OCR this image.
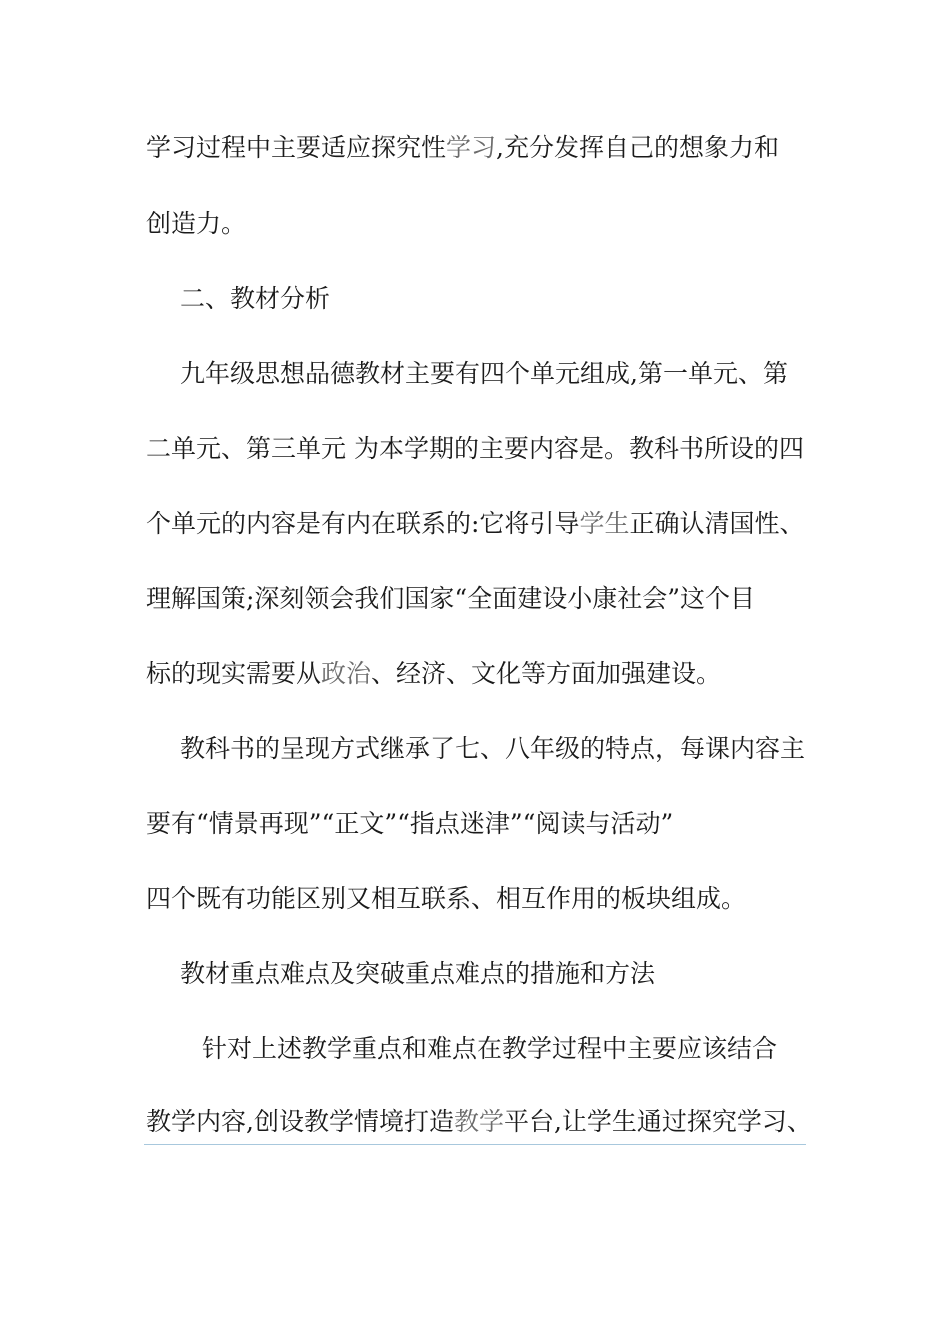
学习过程中主要适应探究性学习,充分发挥自己的想象力和
创造力。
二、教材分析
九年级思想品德教材主要有四个单元组成,第一单元、第
二单元、第三单元 为本学期的主要内容是。教科书所设的四
个单元的内容是有内在联系的:它将引导学生正确认清国性、
理解国策;深刻领会我们国家“全面建设小康社会”这个目
标的现实需要从政治、经济、文化等方面加强建设。
教科书的呈现方式继承了七、八年级的特点，每课内容主
要有“情景再现”“正文”“指点迷津”“阅读与活动”
四个既有功能区别又相互联系、相互作用的板块组成。
教材重点难点及突破重点难点的措施和方法
针对上述教学重点和难点在教学过程中主要应该结合
教学内容,创设教学情境打造教学平台,让学生通过探究学习、
